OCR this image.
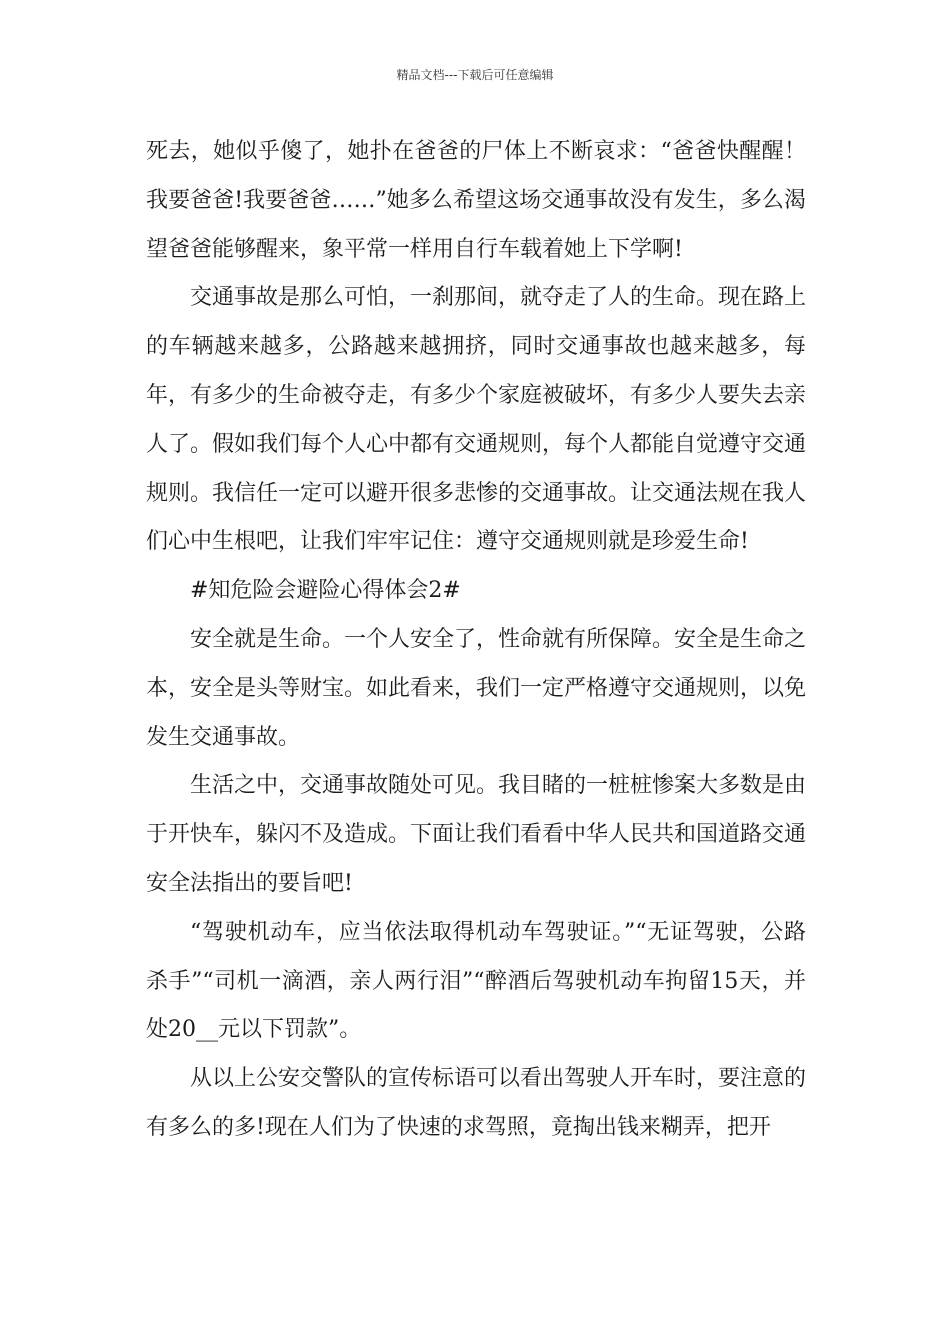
精品文档---下载后可任意编辑

死去，她似乎傻了，她扑在爸爸的尸体上不断哀求：“爸爸快醒醒！我要爸爸!我要爸爸……”她多么希望这场交通事故没有发生，多么渴望爸爸能够醒来，象平常一样用自行车载着她上下学啊!

交通事故是那么可怕，一刹那间，就夺走了人的生命。现在路上的车辆越来越多，公路越来越拥挤，同时交通事故也越来越多，每年，有多少的生命被夺走，有多少个家庭被破坏，有多少人要失去亲人了。假如我们每个人心中都有交通规则，每个人都能自觉遵守交通规则。我信任一定可以避开很多悲惨的交通事故。让交通法规在我人们心中生根吧，让我们牢牢记住：遵守交通规则就是珍爱生命!

#知危险会避险心得体会2#

安全就是生命。一个人安全了，性命就有所保障。安全是生命之本，安全是头等财宝。如此看来，我们一定严格遵守交通规则，以免发生交通事故。

生活之中，交通事故随处可见。我目睹的一桩桩惨案大多数是由于开快车，躲闪不及造成。下面让我们看看中华人民共和国道路交通安全法指出的要旨吧!

“驾驶机动车，应当依法取得机动车驾驶证。”“无证驾驶，公路杀手”“司机一滴酒，亲人两行泪”“醉酒后驾驶机动车拘留15天，并处20__元以下罚款”。

从以上公安交警队的宣传标语可以看出驾驶人开车时，要注意的有多么的多!现在人们为了快速的求驾照，竟掏出钱来糊弄，把开
